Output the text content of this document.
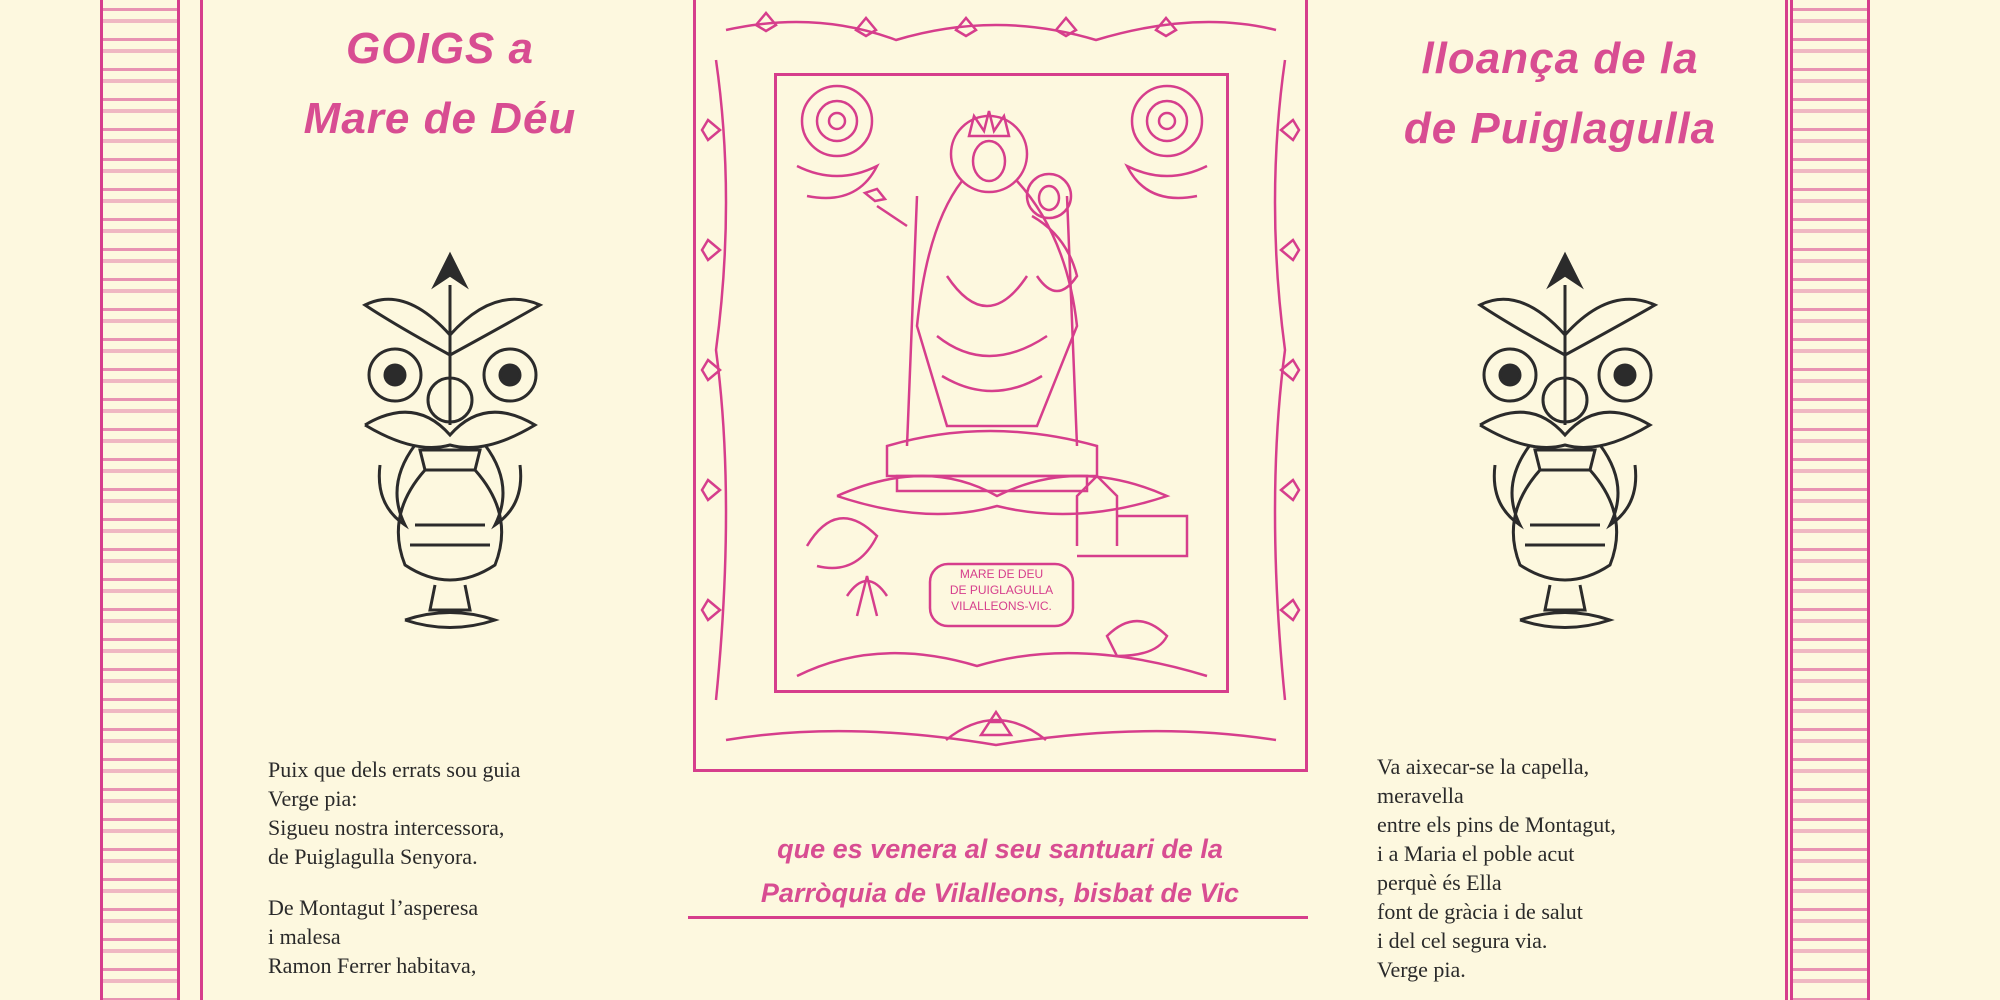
GOIGS a
Mare de Déu
lloança de la
de Puiglagulla
MARE DE DEU
DE PUIGLAGULLA
VILALLEONS-VIC.
que es venera al seu santuari de la
Parròquia de Vilalleons, bisbat de Vic
Puix que dels errats sou guia
Verge pia:
Sigueu nostra intercessora,
de Puiglagulla Senyora.
De Montagut l’asperesa
i malesa
Ramon Ferrer habitava,
Va aixecar-se la capella,
meravella
entre els pins de Montagut,
i a Maria el poble acut
perquè és Ella
font de gràcia i de salut
i del cel segura via.
Verge pia.
